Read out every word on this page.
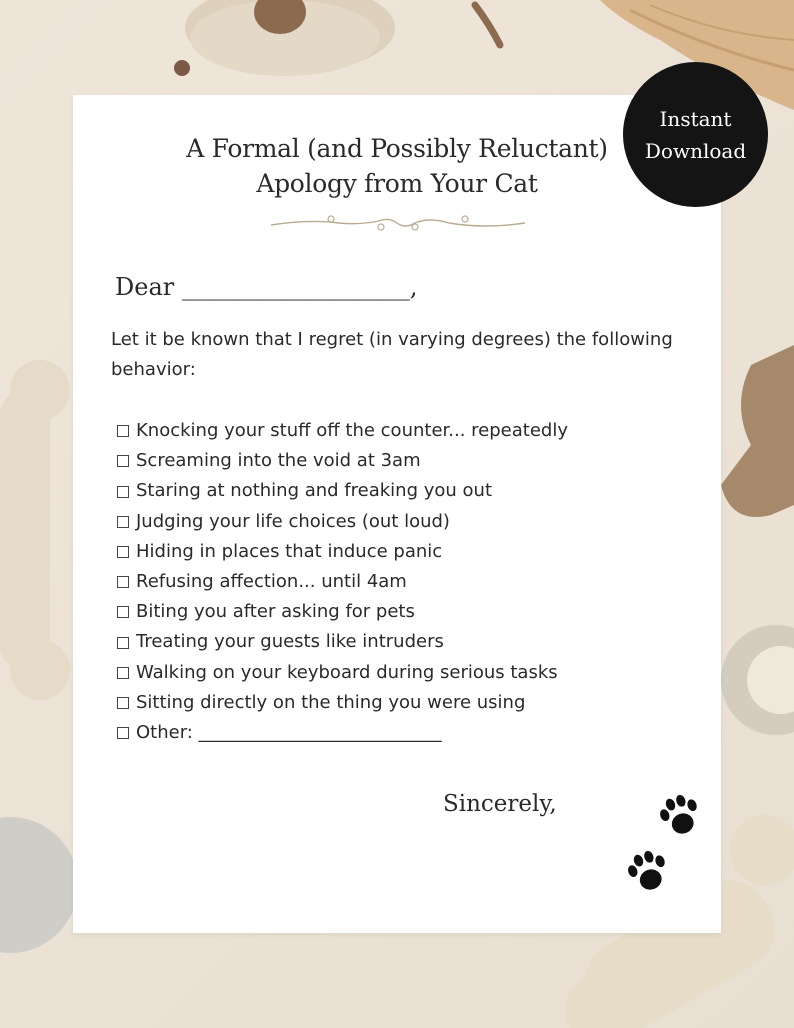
A Formal (and Possibly Reluctant)
Apology from Your Cat
Dear ___________________,
Let it be known that I regret (in varying degrees) the following behavior:
Knocking your stuff off the counter... repeatedly
Screaming into the void at 3am
Staring at nothing and freaking you out
Judging your life choices (out loud)
Hiding in places that induce panic
Refusing affection... until 4am
Biting you after asking for pets
Treating your guests like intruders
Walking on your keyboard during serious tasks
Sitting directly on the thing you were using
Other: ___________________________
Sincerely,
Instant
Download
